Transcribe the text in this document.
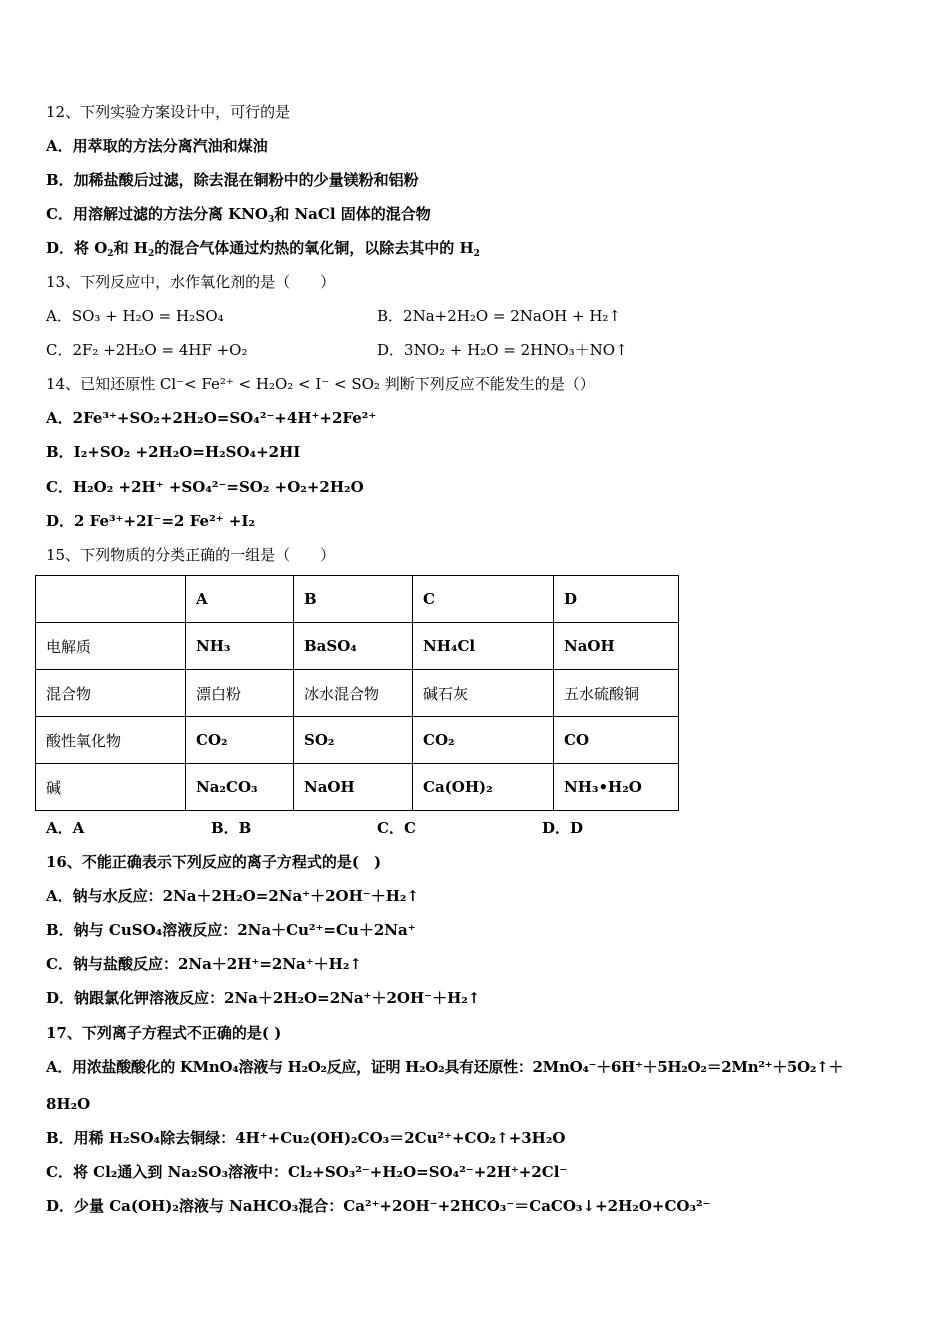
12、下列实验方案设计中，可行的是
A．用萃取的方法分离汽油和煤油
B．加稀盐酸后过滤，除去混在铜粉中的少量镁粉和铝粉
C．用溶解过滤的方法分离 $KNO_3$和 NaCl 固体的混合物
D．将 $O_2$和 $H_2$的混合气体通过灼热的氧化铜，以除去其中的 $H_2$
13、下列反应中，水作氧化剂的是（　　）
A．SO₃ + H₂O = H₂SO₄	B．2Na+2H₂O = 2NaOH + H₂↑
C．2F₂ +2H₂O = 4HF +O₂	D．3NO₂ + H₂O = 2HNO₃＋NO↑
14、已知还原性 Cl⁻< Fe²⁺ < H₂O₂ < I⁻ < SO₂ 判断下列反应不能发生的是（）
A．2Fe³⁺+SO₂+2H₂O=SO₄²⁻+4H⁺+2Fe²⁺
B．I₂+SO₂ +2H₂O=H₂SO₄+2HI
C．H₂O₂ +2H⁺ +SO₄²⁻=SO₂ +O₂+2H₂O
D．2 Fe³⁺+2I⁻=2 Fe²⁺ +I₂
15、下列物质的分类正确的一组是（　　）
	A	B	C	D
电解质	NH₃	BaSO₄	NH₄Cl	NaOH
混合物	漂白粉	冰水混合物	碱石灰	五水硫酸铜
酸性氧化物	CO₂	SO₂	CO₂	CO
碱	Na₂CO₃	NaOH	Ca(OH)₂	NH₃•H₂O
A．A	B．B	C．C	D．D
16、不能正确表示下列反应的离子方程式的是(　)
A．钠与水反应：2Na＋2H₂O=2Na⁺＋2OH⁻＋H₂↑
B．钠与 CuSO₄溶液反应：2Na＋Cu²⁺=Cu＋2Na⁺
C．钠与盐酸反应：2Na＋2H⁺=2Na⁺＋H₂↑
D．钠跟氯化钾溶液反应：2Na＋2H₂O=2Na⁺＋2OH⁻＋H₂↑
17、下列离子方程式不正确的是( )
A．用浓盐酸酸化的 KMnO₄溶液与 H₂O₂反应，证明 H₂O₂具有还原性：2MnO₄⁻＋6H⁺＋5H₂O₂＝2Mn²⁺＋5O₂↑＋
8H₂O
B．用稀 H₂SO₄除去铜绿：4H⁺+Cu₂(OH)₂CO₃＝2Cu²⁺+CO₂↑+3H₂O
C．将 Cl₂通入到 Na₂SO₃溶液中：Cl₂+SO₃²⁻+H₂O=SO₄²⁻+2H⁺+2Cl⁻
D．少量 Ca(OH)₂溶液与 NaHCO₃混合：Ca²⁺+2OH⁻+2HCO₃⁻＝CaCO₃↓+2H₂O+CO₃²⁻
